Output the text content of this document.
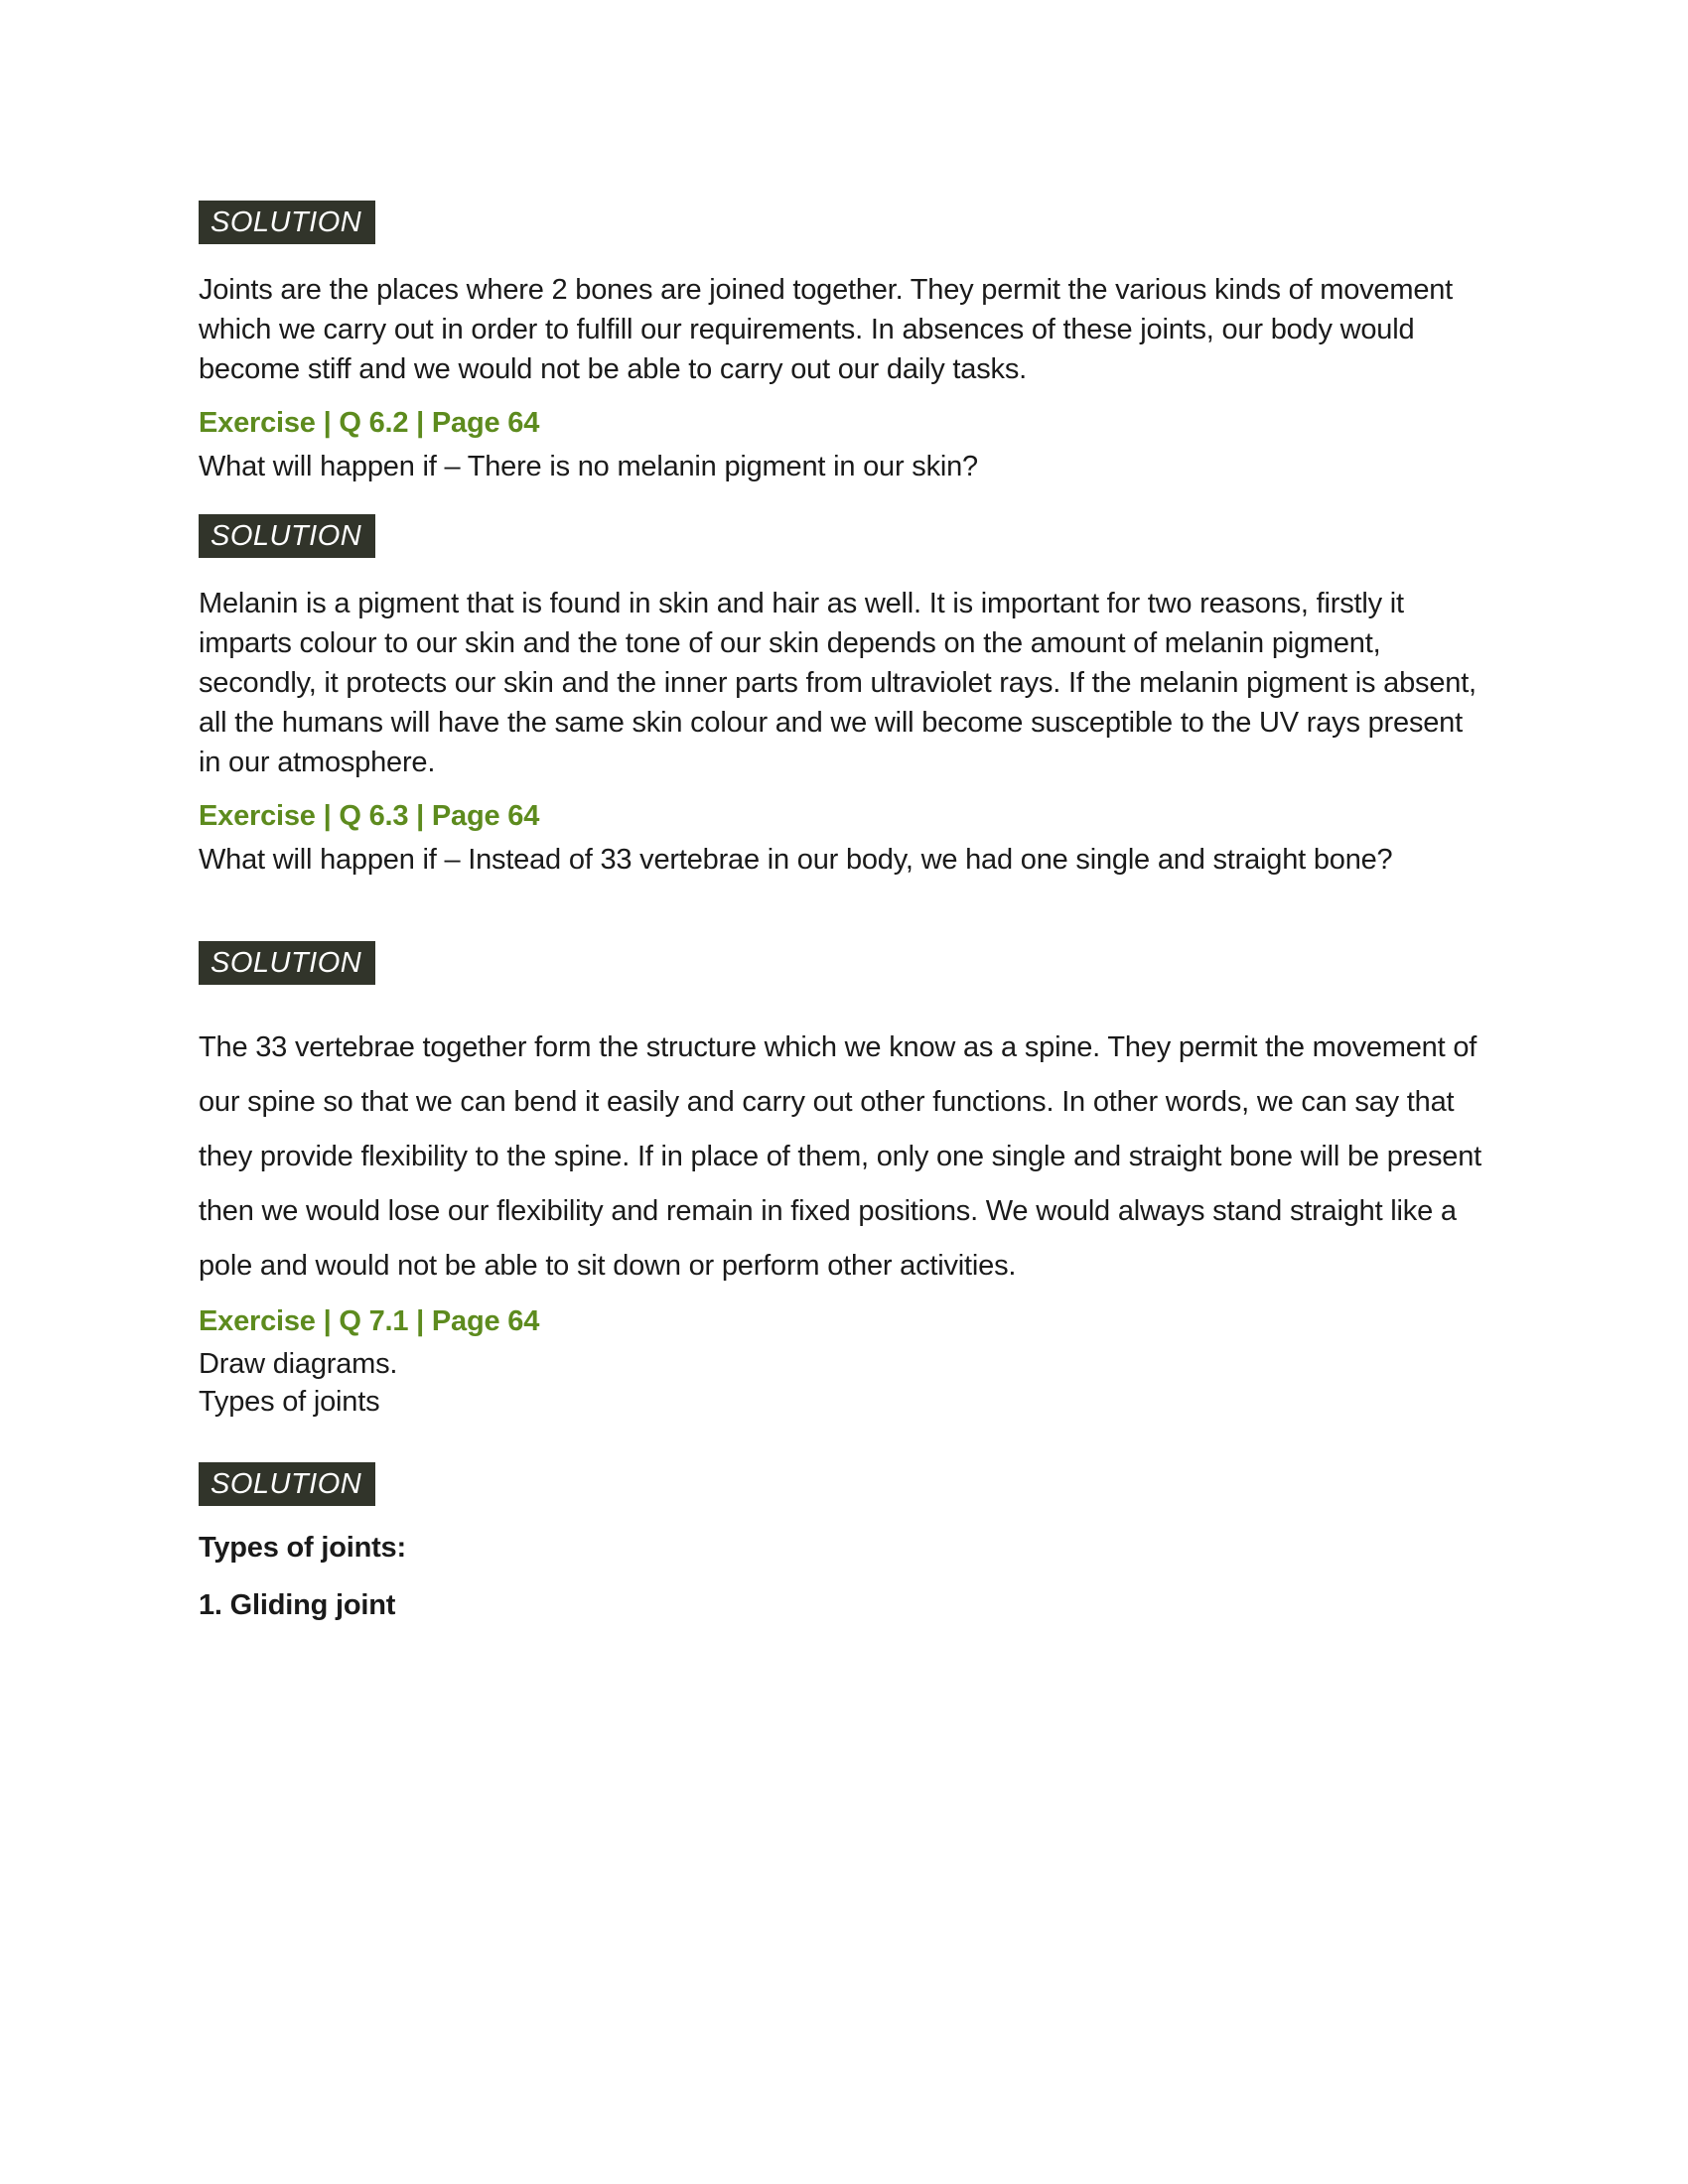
SOLUTION

Joints are the places where 2 bones are joined together. They permit the various kinds of movement which we carry out in order to fulfill our requirements. In absences of these joints, our body would become stiff and we would not be able to carry out our daily tasks.

Exercise | Q 6.2 | Page 64

What will happen if – There is no melanin pigment in our skin?

SOLUTION

Melanin is a pigment that is found in skin and hair as well. It is important for two reasons, firstly it imparts colour to our skin and the tone of our skin depends on the amount of melanin pigment, secondly, it protects our skin and the inner parts from ultraviolet rays. If the melanin pigment is absent, all the humans will have the same skin colour and we will become susceptible to the UV rays present in our atmosphere.

Exercise | Q 6.3 | Page 64

What will happen if – Instead of 33 vertebrae in our body, we had one single and straight bone?

SOLUTION

The 33 vertebrae together form the structure which we know as a spine. They permit the movement of our spine so that we can bend it easily and carry out other functions. In other words, we can say that they provide flexibility to the spine. If in place of them, only one single and straight bone will be present then we would lose our flexibility and remain in fixed positions. We would always stand straight like a pole and would not be able to sit down or perform other activities.

Exercise | Q 7.1 | Page 64
Draw diagrams.
Types of joints
SOLUTION
Types of joints:
1. Gliding joint
